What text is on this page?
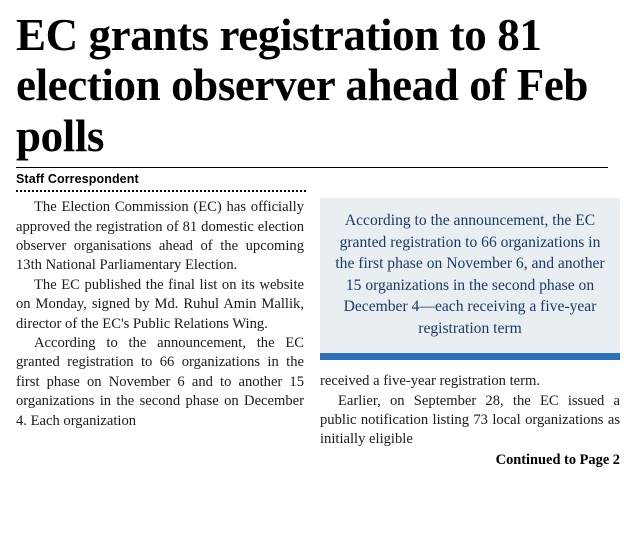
EC grants registration to 81 election observer ahead of Feb polls
Staff Correspondent

The Election Commission (EC) has officially approved the registration of 81 domestic election observer organisations ahead of the upcoming 13th National Parliamentary Election.

The EC published the final list on its website on Monday, signed by Md. Ruhul Amin Mallik, director of the EC's Public Relations Wing.

According to the announcement, the EC granted registration to 66 organizations in the first phase on November 6 and to another 15 organizations in the second phase on December 4. Each organization

According to the announcement, the EC granted registration to 66 organizations in the first phase on November 6, and another 15 organizations in the second phase on December 4—each receiving a five-year registration term

received a five-year registration term.

Earlier, on September 28, the EC issued a public notification listing 73 local organizations as initially eligible

Continued to Page 2
